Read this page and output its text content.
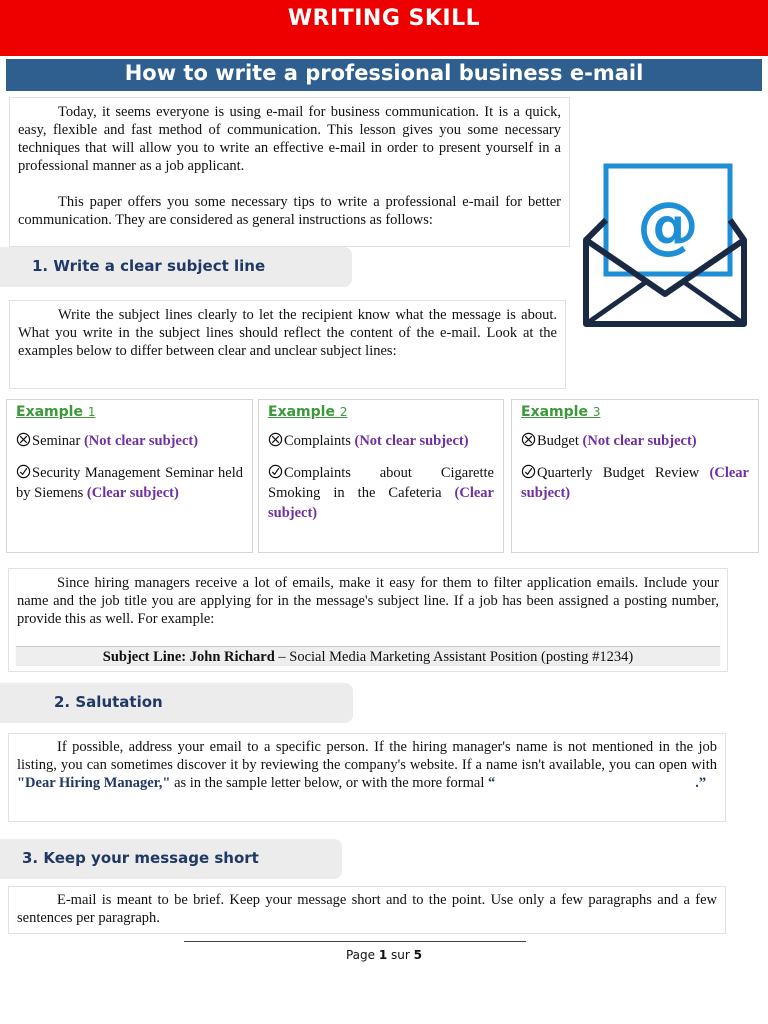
WRITING SKILL
How to write a professional business e-mail

Today, it seems everyone is using e-mail for business communication. It is a quick, easy, flexible and fast method of communication. This lesson gives you some necessary techniques that will allow you to write an effective e-mail in order to present yourself in a professional manner as a job applicant.

This paper offers you some necessary tips to write a professional e-mail for better communication. They are considered as general instructions as follows:	@
1. Write a clear subject line

Write the subject lines clearly to let the recipient know what the message is about. What you write in the subject lines should reflect the content of the e-mail. Look at the examples below to differ between clear and unclear subject lines:

Example 1
Seminar (Not clear subject)
Security Management Seminar held by Siemens (Clear subject)
Example 2
Complaints (Not clear subject)
Complaints about Cigarette Smoking in the Cafeteria (Clear subject)
Example 3
Budget (Not clear subject)
Quarterly Budget Review (Clear subject)

Since hiring managers receive a lot of emails, make it easy for them to filter application emails. Include your name and the job title you are applying for in the message's subject line. If a job has been assigned a posting number, provide this as well. For example:

Subject Line: John Richard – Social Media Marketing Assistant Position (posting #1234)
2. Salutation

If possible, address your email to a specific person. If the hiring manager's name is not mentioned in the job listing, you can sometimes discover it by reviewing the company's website. If a name isn't available, you can open with "Dear Hiring Manager," as in the sample letter below, or with the more formal “	.”

3. Keep your message short

E-mail is meant to be brief. Keep your message short and to the point. Use only a few paragraphs and a few sentences per paragraph.

Page 1 sur 5
